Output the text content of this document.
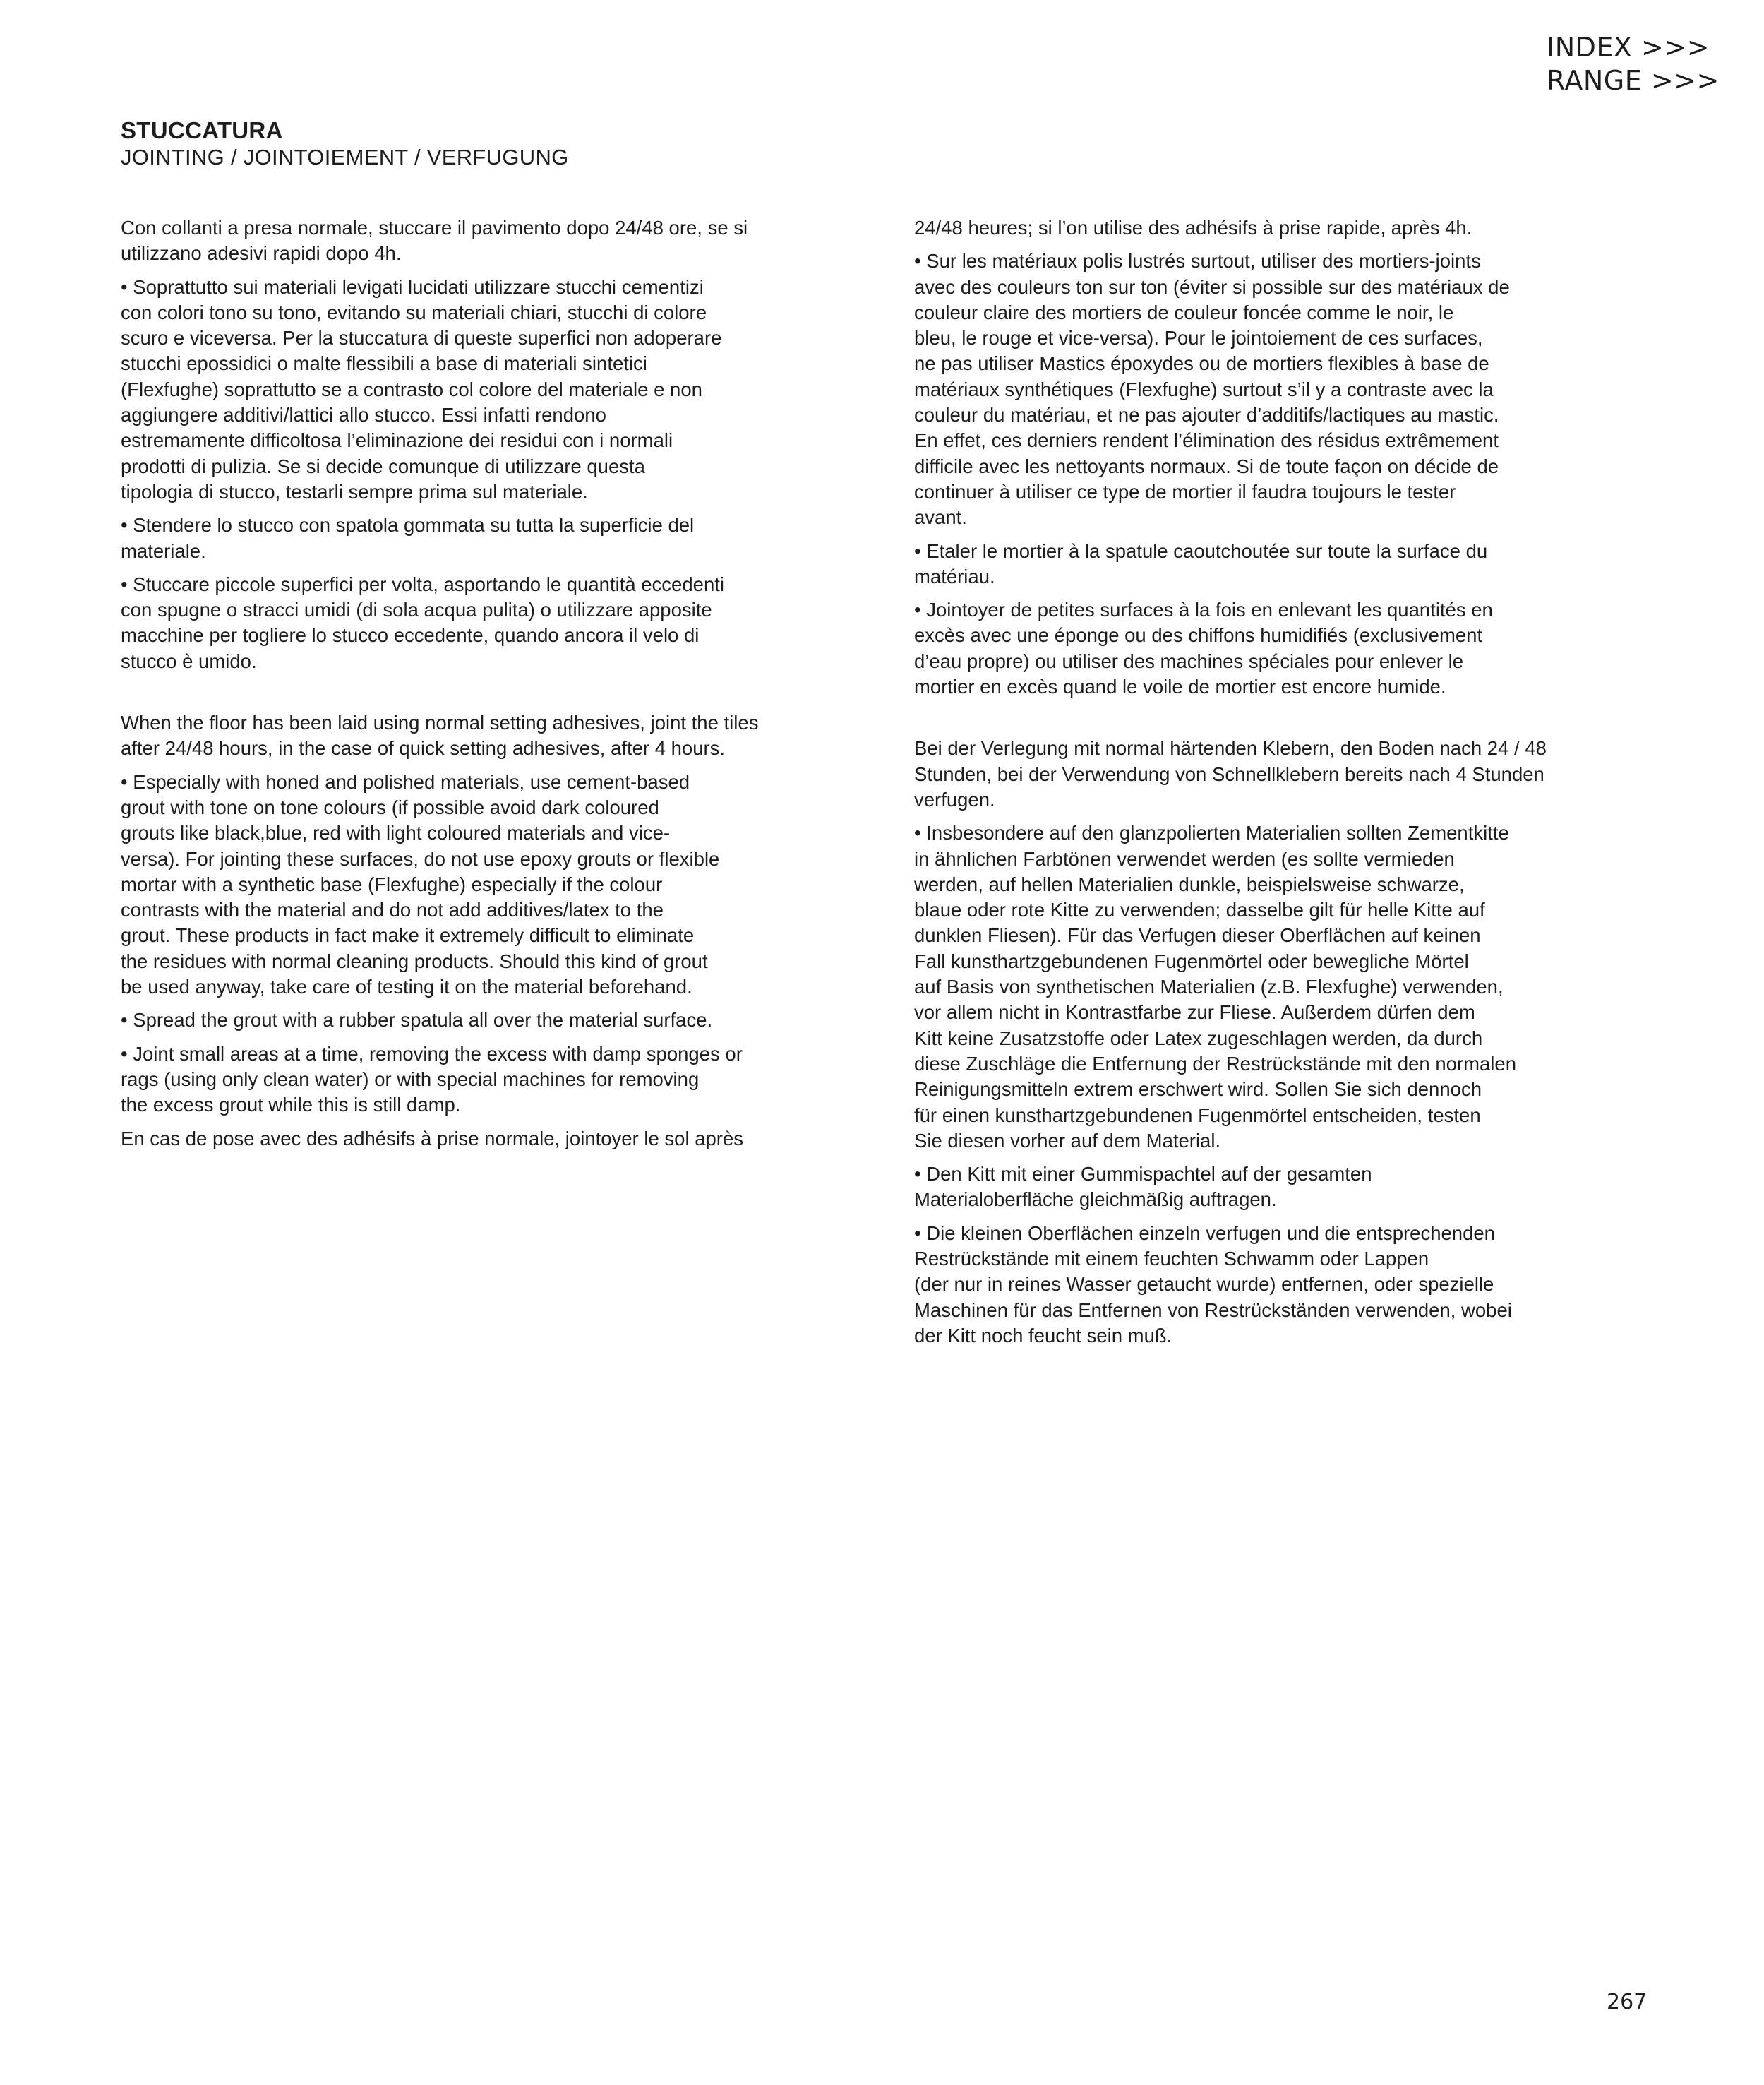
INDEX >>>
RANGE >>>
STUCCATURA
JOINTING / JOINTOIEMENT / VERFUGUNG

Con collanti a presa normale, stuccare il pavimento dopo 24/48 ore, se si
utilizzano adesivi rapidi dopo 4h.

• Soprattutto sui materiali levigati lucidati utilizzare stucchi cementizi
con colori tono su tono, evitando su materiali chiari, stucchi di colore
scuro e viceversa. Per la stuccatura di queste superfici non adoperare
stucchi epossidici o malte flessibili a base di materiali sintetici
(Flexfughe) soprattutto se a contrasto col colore del materiale e non
aggiungere additivi/lattici allo stucco. Essi infatti rendono
estremamente difficoltosa l’eliminazione dei residui con i normali
prodotti di pulizia. Se si decide comunque di utilizzare questa
tipologia di stucco, testarli sempre prima sul materiale.

• Stendere lo stucco con spatola gommata su tutta la superficie del
materiale.

• Stuccare piccole superfici per volta, asportando le quantità eccedenti
con spugne o stracci umidi (di sola acqua pulita) o utilizzare apposite
macchine per togliere lo stucco eccedente, quando ancora il velo di
stucco è umido.

When the floor has been laid using normal setting adhesives, joint the tiles
after 24/48 hours, in the case of quick setting adhesives, after 4 hours.

• Especially with honed and polished materials, use cement-based
grout with tone on tone colours (if possible avoid dark coloured
grouts like black,blue, red with light coloured materials and vice-
versa). For jointing these surfaces, do not use epoxy grouts or flexible
mortar with a synthetic base (Flexfughe) especially if the colour
contrasts with the material and do not add additives/latex to the
grout. These products in fact make it extremely difficult to eliminate
the residues with normal cleaning products. Should this kind of grout
be used anyway, take care of testing it on the material beforehand.

• Spread the grout with a rubber spatula all over the material surface.

• Joint small areas at a time, removing the excess with damp sponges or
rags (using only clean water) or with special machines for removing
the excess grout while this is still damp.

En cas de pose avec des adhésifs à prise normale, jointoyer le sol après

24/48 heures; si l’on utilise des adhésifs à prise rapide, après 4h.

• Sur les matériaux polis lustrés surtout, utiliser des mortiers-joints
avec des couleurs ton sur ton (éviter si possible sur des matériaux de
couleur claire des mortiers de couleur foncée comme le noir, le
bleu, le rouge et vice-versa). Pour le jointoiement de ces surfaces,
ne pas utiliser Mastics époxydes ou de mortiers flexibles à base de
matériaux synthétiques (Flexfughe) surtout s’il y a contraste avec la
couleur du matériau, et ne pas ajouter d’additifs/lactiques au mastic.
En effet, ces derniers rendent l’élimination des résidus extrêmement
difficile avec les nettoyants normaux. Si de toute façon on décide de
continuer à utiliser ce type de mortier il faudra toujours le tester
avant.

• Etaler le mortier à la spatule caoutchoutée sur toute la surface du
matériau.

• Jointoyer de petites surfaces à la fois en enlevant les quantités en
excès avec une éponge ou des chiffons humidifiés (exclusivement
d’eau propre) ou utiliser des machines spéciales pour enlever le
mortier en excès quand le voile de mortier est encore humide.

Bei der Verlegung mit normal härtenden Klebern, den Boden nach 24 / 48
Stunden, bei der Verwendung von Schnellklebern bereits nach 4 Stunden
verfugen.

• Insbesondere auf den glanzpolierten Materialien sollten Zementkitte
in ähnlichen Farbtönen verwendet werden (es sollte vermieden
werden, auf hellen Materialien dunkle, beispielsweise schwarze,
blaue oder rote Kitte zu verwenden; dasselbe gilt für helle Kitte auf
dunklen Fliesen). Für das Verfugen dieser Oberflächen auf keinen
Fall kunsthartzgebundenen Fugenmörtel oder bewegliche Mörtel
auf Basis von synthetischen Materialien (z.B. Flexfughe) verwenden,
vor allem nicht in Kontrastfarbe zur Fliese. Außerdem dürfen dem
Kitt keine Zusatzstoffe oder Latex zugeschlagen werden, da durch
diese Zuschläge die Entfernung der Restrückstände mit den normalen
Reinigungsmitteln extrem erschwert wird. Sollen Sie sich dennoch
für einen kunsthartzgebundenen Fugenmörtel entscheiden, testen
Sie diesen vorher auf dem Material.

• Den Kitt mit einer Gummispachtel auf der gesamten
Materialoberfläche gleichmäßig auftragen.

• Die kleinen Oberflächen einzeln verfugen und die entsprechenden
Restrückstände mit einem feuchten Schwamm oder Lappen
(der nur in reines Wasser getaucht wurde) entfernen, oder spezielle
Maschinen für das Entfernen von Restrückständen verwenden, wobei
der Kitt noch feucht sein muß.

267
